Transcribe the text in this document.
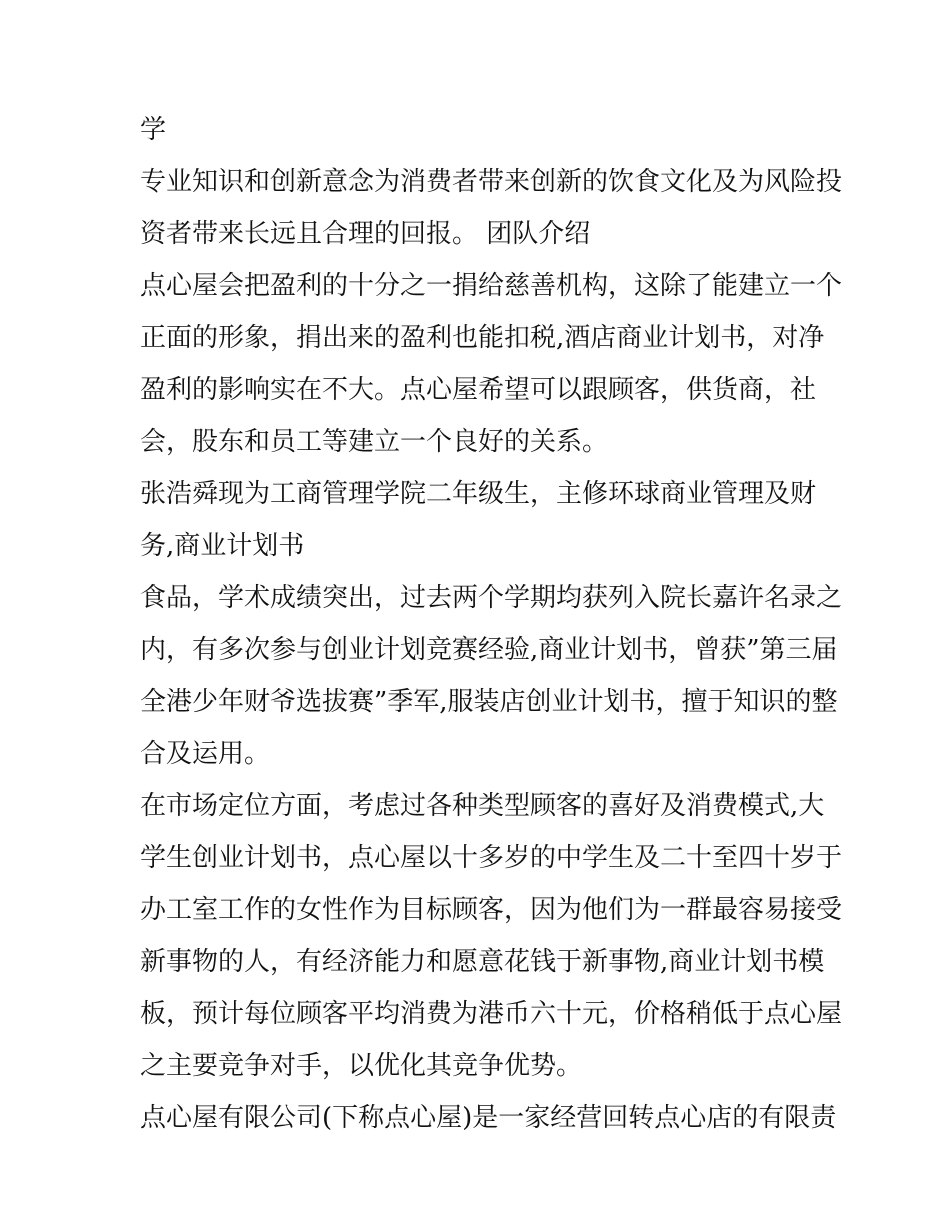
学
专业知识和创新意念为消费者带来创新的饮食文化及为风险投
资者带来长远且合理的回报。 团队介绍
点心屋会把盈利的十分之一捐给慈善机构，这除了能建立一个
正面的形象，捐出来的盈利也能扣税,酒店商业计划书，对净
盈利的影响实在不大。点心屋希望可以跟顾客，供货商，社
会，股东和员工等建立一个良好的关系。
张浩舜现为工商管理学院二年级生，主修环球商业管理及财
务,商业计划书
食品，学术成绩突出，过去两个学期均获列入院长嘉许名录之
内，有多次参与创业计划竞赛经验,商业计划书，曾获”第三届
全港少年财爷选拔赛”季军,服装店创业计划书，擅于知识的整
合及运用。
在市场定位方面，考虑过各种类型顾客的喜好及消费模式,大
学生创业计划书，点心屋以十多岁的中学生及二十至四十岁于
办工室工作的女性作为目标顾客，因为他们为一群最容易接受
新事物的人，有经济能力和愿意花钱于新事物,商业计划书模
板，预计每位顾客平均消费为港币六十元，价格稍低于点心屋
之主要竞争对手，以优化其竞争优势。
点心屋有限公司(下称点心屋)是一家经营回转点心店的有限责
